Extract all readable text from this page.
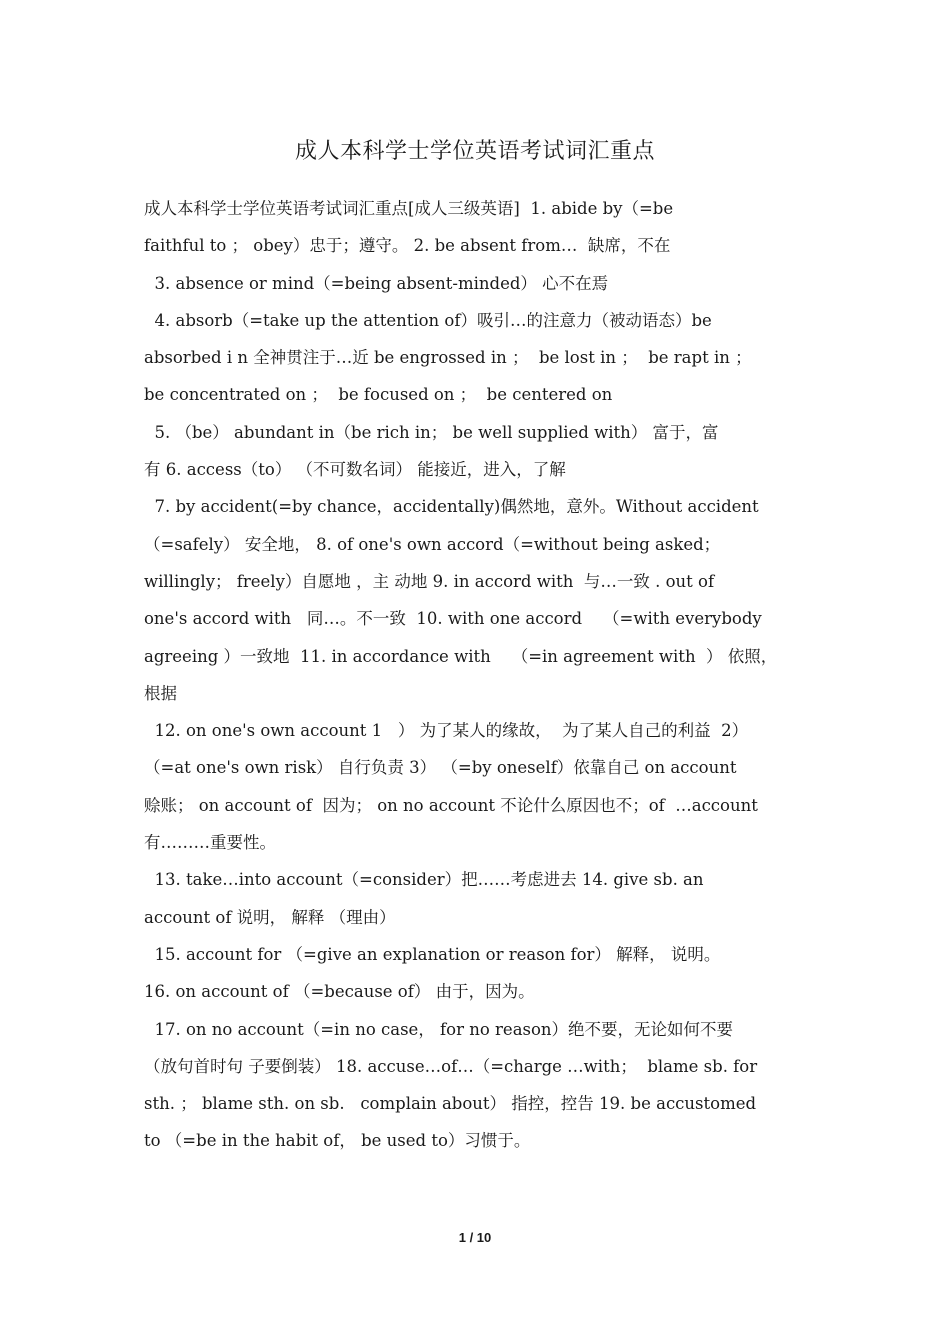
成人本科学士学位英语考试词汇重点
成人本科学士学位英语考试词汇重点[成人三级英语]  1. abide by（=be
faithful to ； obey）忠于；遵守。 2. be absent from…  缺席，不在
3. absence or mind（=being absent-minded） 心不在焉
4. absorb（=take up the attention of）吸引…的注意力（被动语态）be
absorbed i n 全神贯注于…近 be engrossed in ；  be lost in ；  be rapt in ；
be concentrated on ；  be focused on ；  be centered on
5. （be） abundant in（be rich in； be well supplied with） 富于，富
有 6. access（to） （不可数名词） 能接近，进入，了解
7. by accident(=by chance，accidentally)偶然地，意外。Without accident
（=safely） 安全地， 8. of one's own accord（=without being asked；
willingly； freely）自愿地 ，主 动地 9. in accord with  与…一致 . out of
one's accord with   同…。不一致  10. with one accord    （=with everybody
agreeing ）一致地  11. in accordance with    （=in agreement with  ） 依照，
根据
12. on one's own account 1   ） 为了某人的缘故，  为了某人自己的利益  2）
（=at one's own risk） 自行负责 3） （=by oneself）依靠自己 on account
赊账； on account of  因为； on no account 不论什么原因也不；of  …account
有………重要性。
13. take…into account（=consider）把……考虑进去 14. give sb. an
account of 说明， 解释 （理由）
15. account for （=give an explanation or reason for） 解释， 说明。
16. on account of （=because of） 由于，因为。
17. on no account（=in no case， for no reason）绝不要，无论如何不要
（放句首时句 子要倒装） 18. accuse…of…（=charge …with；  blame sb. for
sth. ； blame sth. on sb.   complain about） 指控，控告 19. be accustomed
to （=be in the habit of， be used to）习惯于。
1 / 10
